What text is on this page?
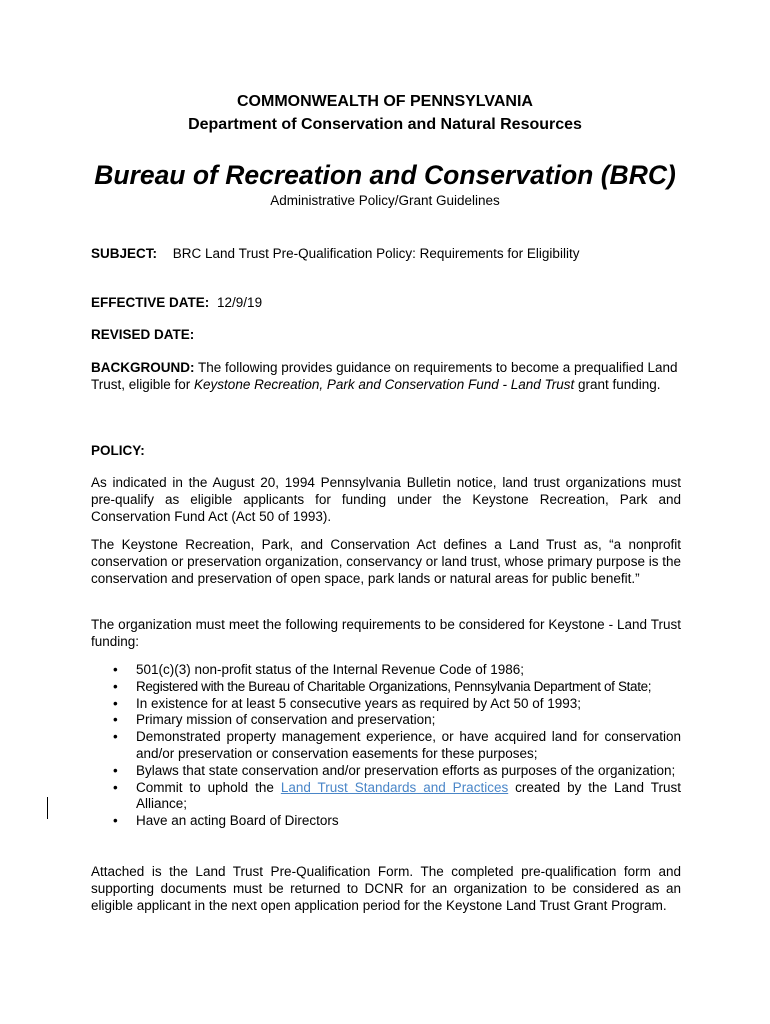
COMMONWEALTH OF PENNSYLVANIA
Department of Conservation and Natural Resources
Bureau of Recreation and Conservation (BRC)
Administrative Policy/Grant Guidelines
SUBJECT: BRC Land Trust Pre-Qualification Policy: Requirements for Eligibility
EFFECTIVE DATE: 12/9/19
REVISED DATE:
BACKGROUND: The following provides guidance on requirements to become a prequalified Land Trust, eligible for Keystone Recreation, Park and Conservation Fund - Land Trust grant funding.
POLICY:
As indicated in the August 20, 1994 Pennsylvania Bulletin notice, land trust organizations must pre-qualify as eligible applicants for funding under the Keystone Recreation, Park and Conservation Fund Act (Act 50 of 1993).
The Keystone Recreation, Park, and Conservation Act defines a Land Trust as, “a nonprofit conservation or preservation organization, conservancy or land trust, whose primary purpose is the conservation and preservation of open space, park lands or natural areas for public benefit.”
The organization must meet the following requirements to be considered for Keystone - Land Trust funding:
• 501(c)(3) non-profit status of the Internal Revenue Code of 1986;
• Registered with the Bureau of Charitable Organizations, Pennsylvania Department of State;
• In existence for at least 5 consecutive years as required by Act 50 of 1993;
• Primary mission of conservation and preservation;
• Demonstrated property management experience, or have acquired land for conservation and/or preservation or conservation easements for these purposes;
• Bylaws that state conservation and/or preservation efforts as purposes of the organization;
• Commit to uphold the Land Trust Standards and Practices created by the Land Trust Alliance;
• Have an acting Board of Directors
Attached is the Land Trust Pre-Qualification Form. The completed pre-qualification form and supporting documents must be returned to DCNR for an organization to be considered as an eligible applicant in the next open application period for the Keystone Land Trust Grant Program.
